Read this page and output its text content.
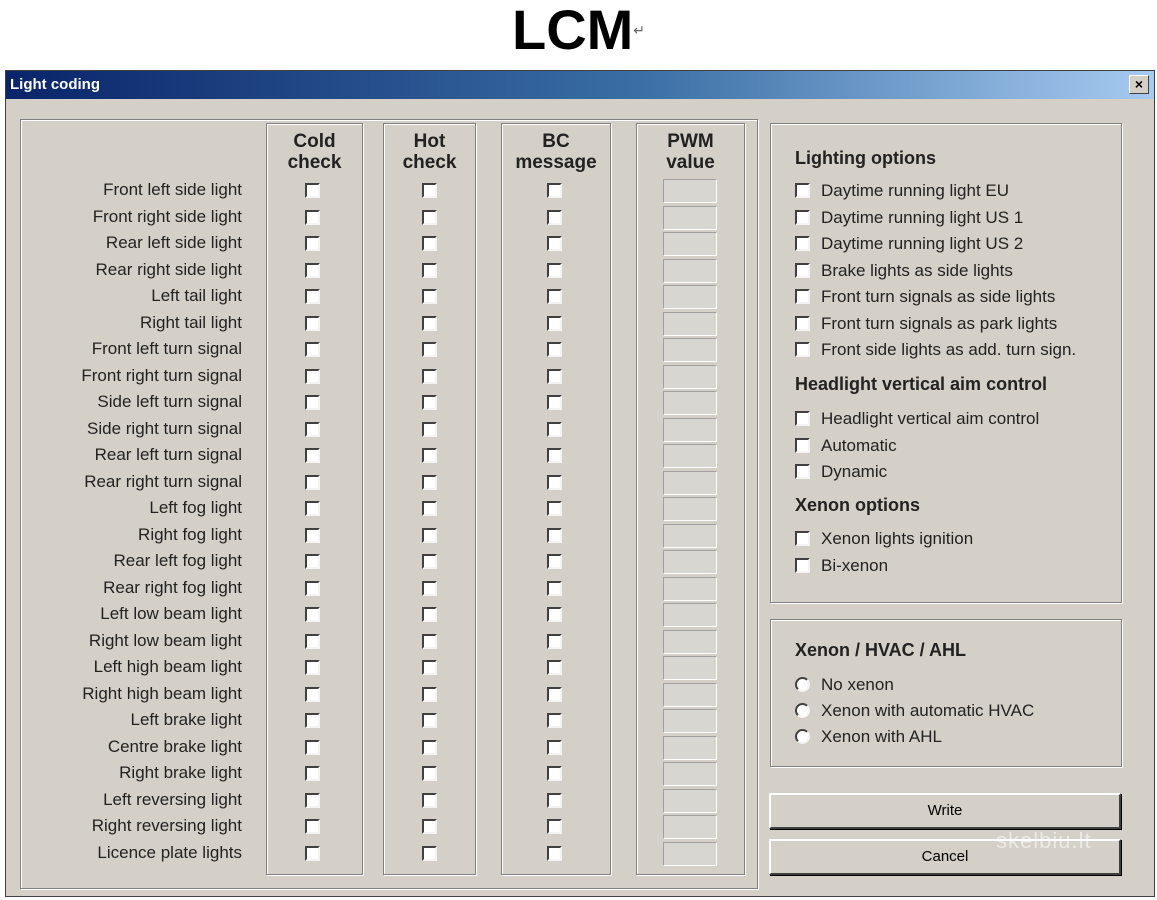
LCM↵
Light coding	×
Cold
check
Hot
check
BC
message
PWM
value
Front left side light
Front right side light
Rear left side light
Rear right side light
Left tail light
Right tail light
Front left turn signal
Front right turn signal
Side left turn signal
Side right turn signal
Rear left turn signal
Rear right turn signal
Left fog light
Right fog light
Rear left fog light
Rear right fog light
Left low beam light
Right low beam light
Left high beam light
Right high beam light
Left brake light
Centre brake light
Right brake light
Left reversing light
Right reversing light
Licence plate lights
Lighting options
Daytime running light EU
Daytime running light US 1
Daytime running light US 2
Brake lights as side lights
Front turn signals as side lights
Front turn signals as park lights
Front side lights as add. turn sign.
Headlight vertical aim control
Headlight vertical aim control
Automatic
Dynamic
Xenon options
Xenon lights ignition
Bi-xenon
Xenon / HVAC / AHL
No xenon
Xenon with automatic HVAC
Xenon with AHL
Write
Cancel
skelbiu.lt
